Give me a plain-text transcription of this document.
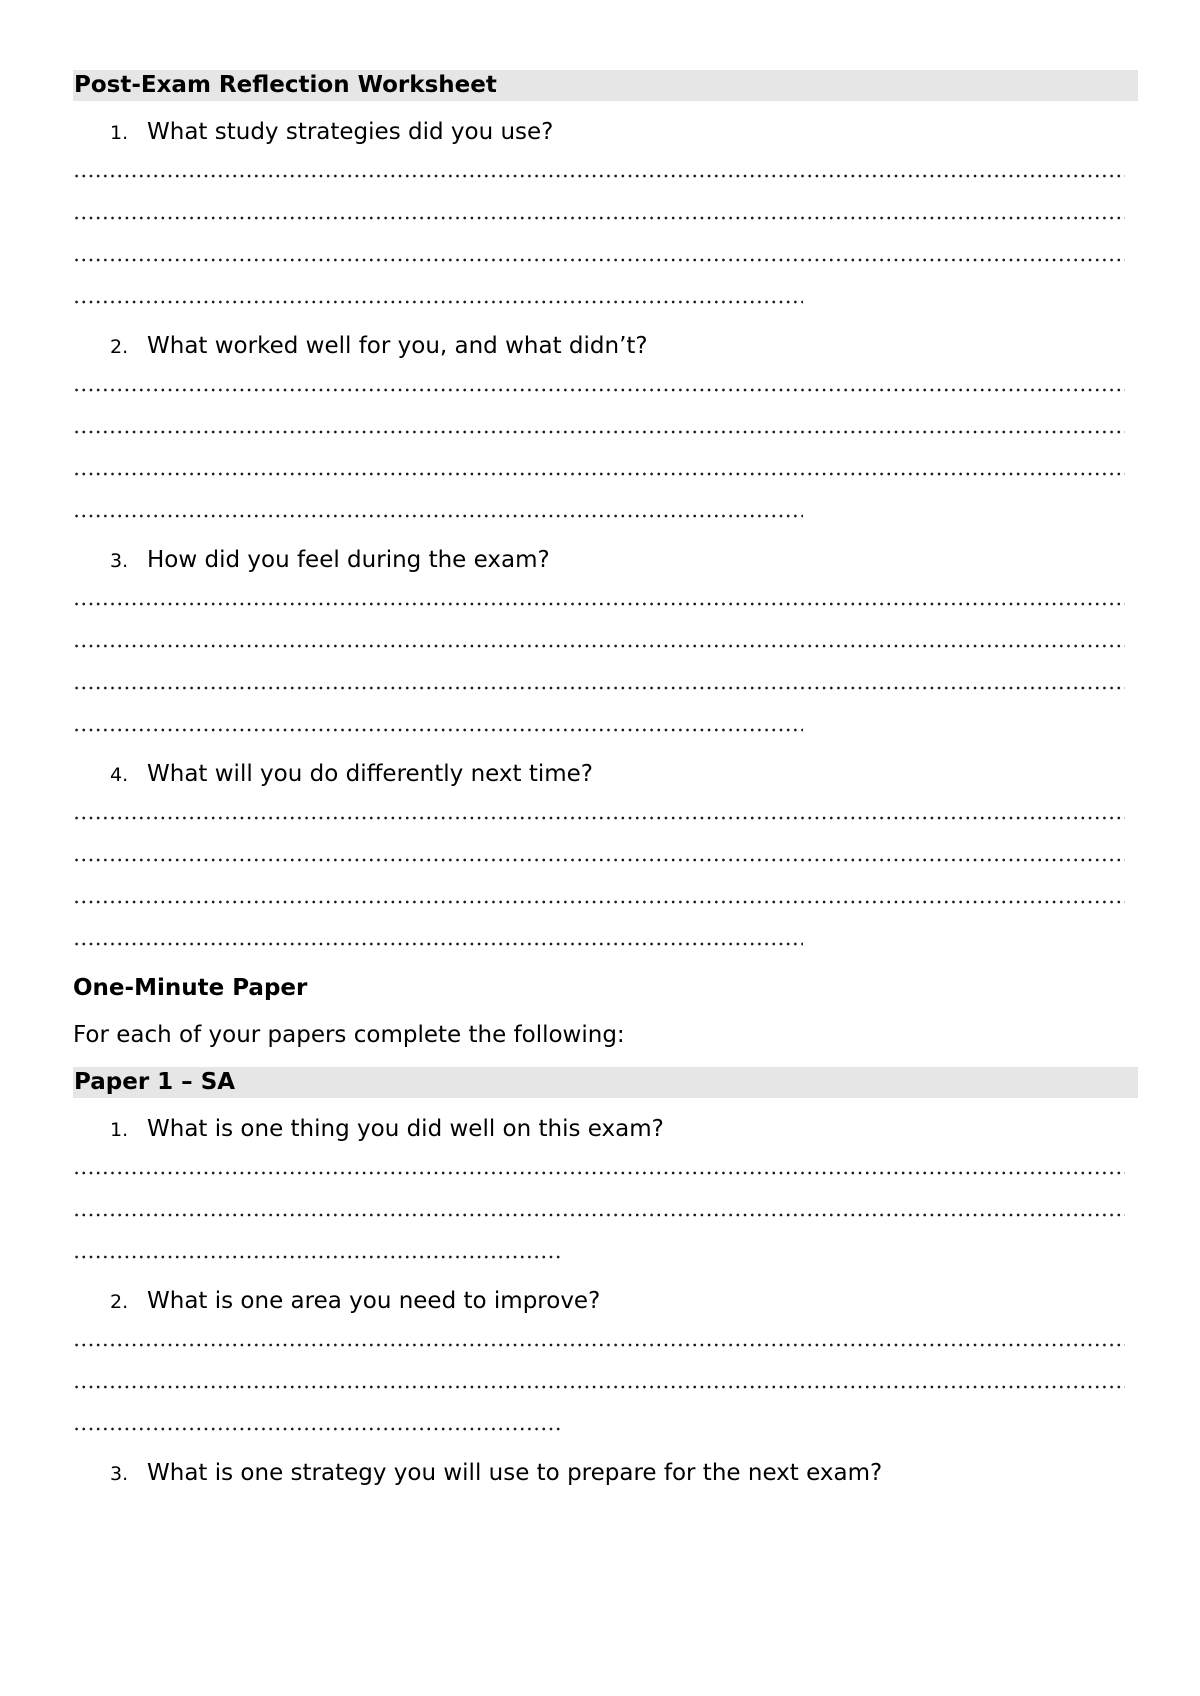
Post-Exam Reflection Worksheet
1. What study strategies did you use?
2. What worked well for you, and what didn’t?
3. How did you feel during the exam?
4. What will you do differently next time?
One-Minute Paper
For each of your papers complete the following:
Paper 1 – SA
1. What is one thing you did well on this exam?
2. What is one area you need to improve?
3. What is one strategy you will use to prepare for the next exam?
